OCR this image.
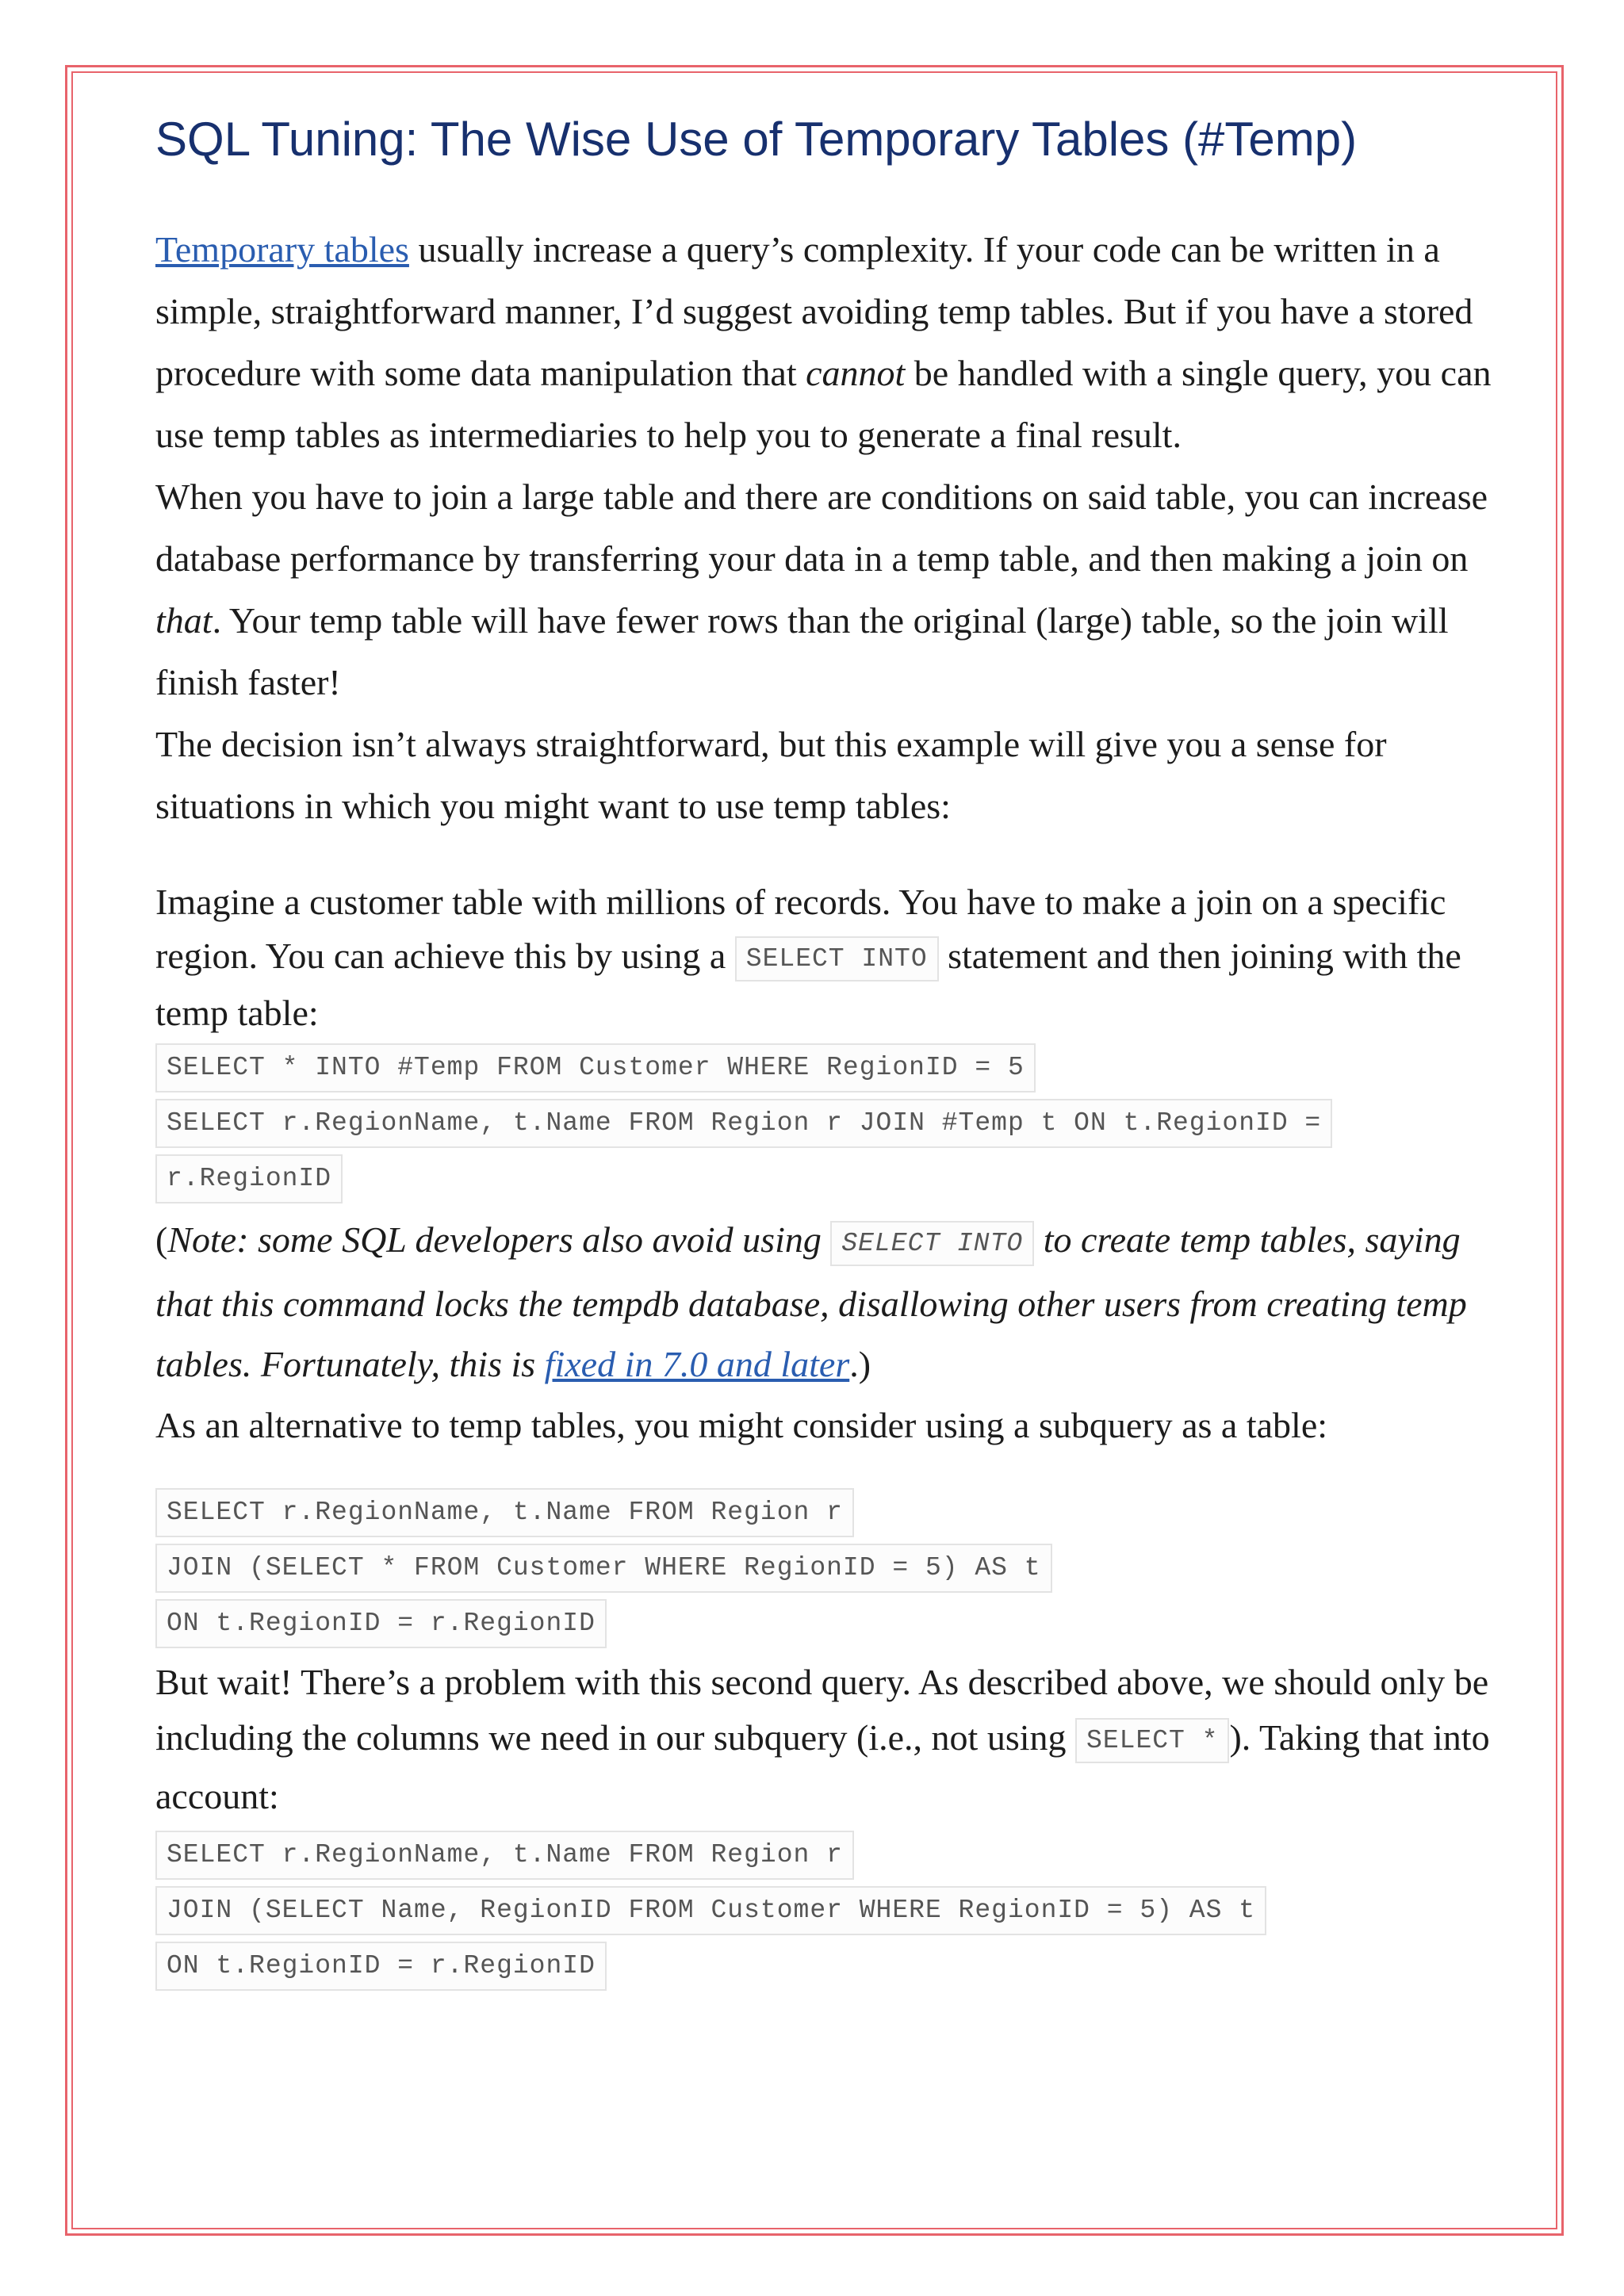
SQL Tuning: The Wise Use of Temporary Tables (#Temp)

Temporary tables usually increase a query’s complexity. If your code can be written in a simple, straightforward manner, I’d suggest avoiding temp tables. But if you have a stored procedure with some data manipulation that cannot be handled with a single query, you can use temp tables as intermediaries to help you to generate a final result.

When you have to join a large table and there are conditions on said table, you can increase database performance by transferring your data in a temp table, and then making a join on that. Your temp table will have fewer rows than the original (large) table, so the join will finish faster!

The decision isn’t always straightforward, but this example will give you a sense for situations in which you might want to use temp tables:

Imagine a customer table with millions of records. You have to make a join on a specific region. You can achieve this by using a SELECT INTO statement and then joining with the temp table:

SELECT * INTO #Temp FROM Customer WHERE RegionID = 5
SELECT r.RegionName, t.Name FROM Region r JOIN #Temp t ON t.RegionID =
r.RegionID

(Note: some SQL developers also avoid using SELECT INTO to create temp tables, saying that this command locks the tempdb database, disallowing other users from creating temp tables. Fortunately, this is fixed in 7.0 and later.)

As an alternative to temp tables, you might consider using a subquery as a table:

SELECT r.RegionName, t.Name FROM Region r
JOIN (SELECT * FROM Customer WHERE RegionID = 5) AS t
ON t.RegionID = r.RegionID

But wait! There’s a problem with this second query. As described above, we should only be including the columns we need in our subquery (i.e., not using SELECT * ). Taking that into account:

SELECT r.RegionName, t.Name FROM Region r
JOIN (SELECT Name, RegionID FROM Customer WHERE RegionID = 5) AS t
ON t.RegionID = r.RegionID
